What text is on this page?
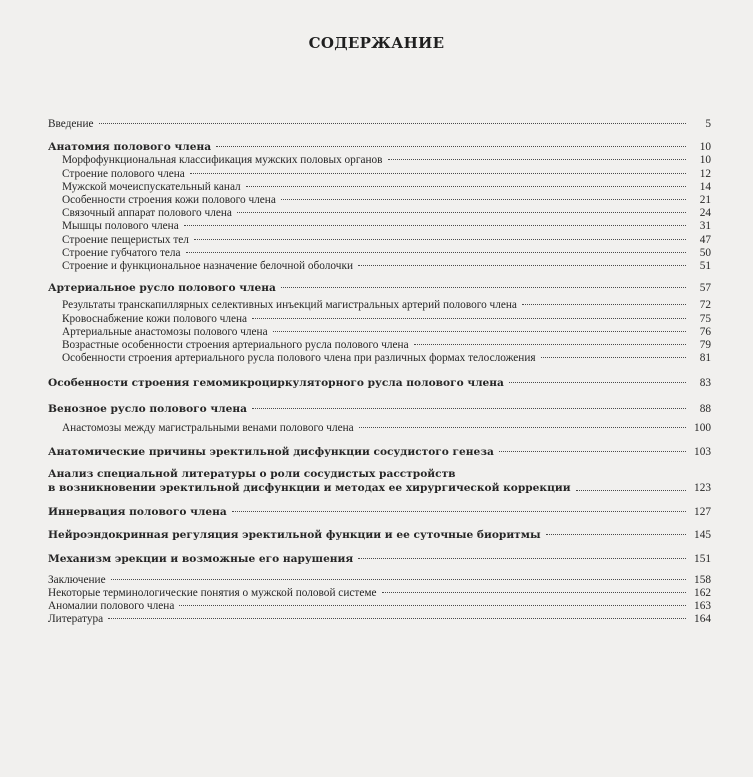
СОДЕРЖАНИЕ
Введение	5
Анатомия полового члена	10
Морфофункциональная классификация мужских половых органов	10
Строение полового члена	12
Мужской мочеиспускательный канал	14
Особенности строения кожи полового члена	21
Связочный аппарат полового члена	24
Мышцы полового члена	31
Строение пещеристых тел	47
Строение губчатого тела	50
Строение и функциональное назначение белочной оболочки	51
Артериальное русло полового члена	57
Результаты транскапиллярных селективных инъекций магистральных артерий полового члена	72
Кровоснабжение кожи полового члена	75
Артериальные анастомозы полового члена	76
Возрастные особенности строения артериального русла полового члена	79
Особенности строения артериального русла полового члена при различных формах телосложения	81
Особенности строения гемомикроциркуляторного русла полового члена	83
Венозное русло полового члена	88
Анастомозы между магистральными венами полового члена	100
Анатомические причины эректильной дисфункции сосудистого генеза	103
Анализ специальной литературы о роли сосудистых расстройств
в возникновении эректильной дисфункции и методах ее хирургической коррекции	123
Иннервация полового члена	127
Нейроэндокринная регуляция эректильной функции и ее суточные биоритмы	145
Механизм эрекции и возможные его нарушения	151
Заключение	158
Некоторые терминологические понятия о мужской половой системе	162
Аномалии полового члена	163
Литература	164
